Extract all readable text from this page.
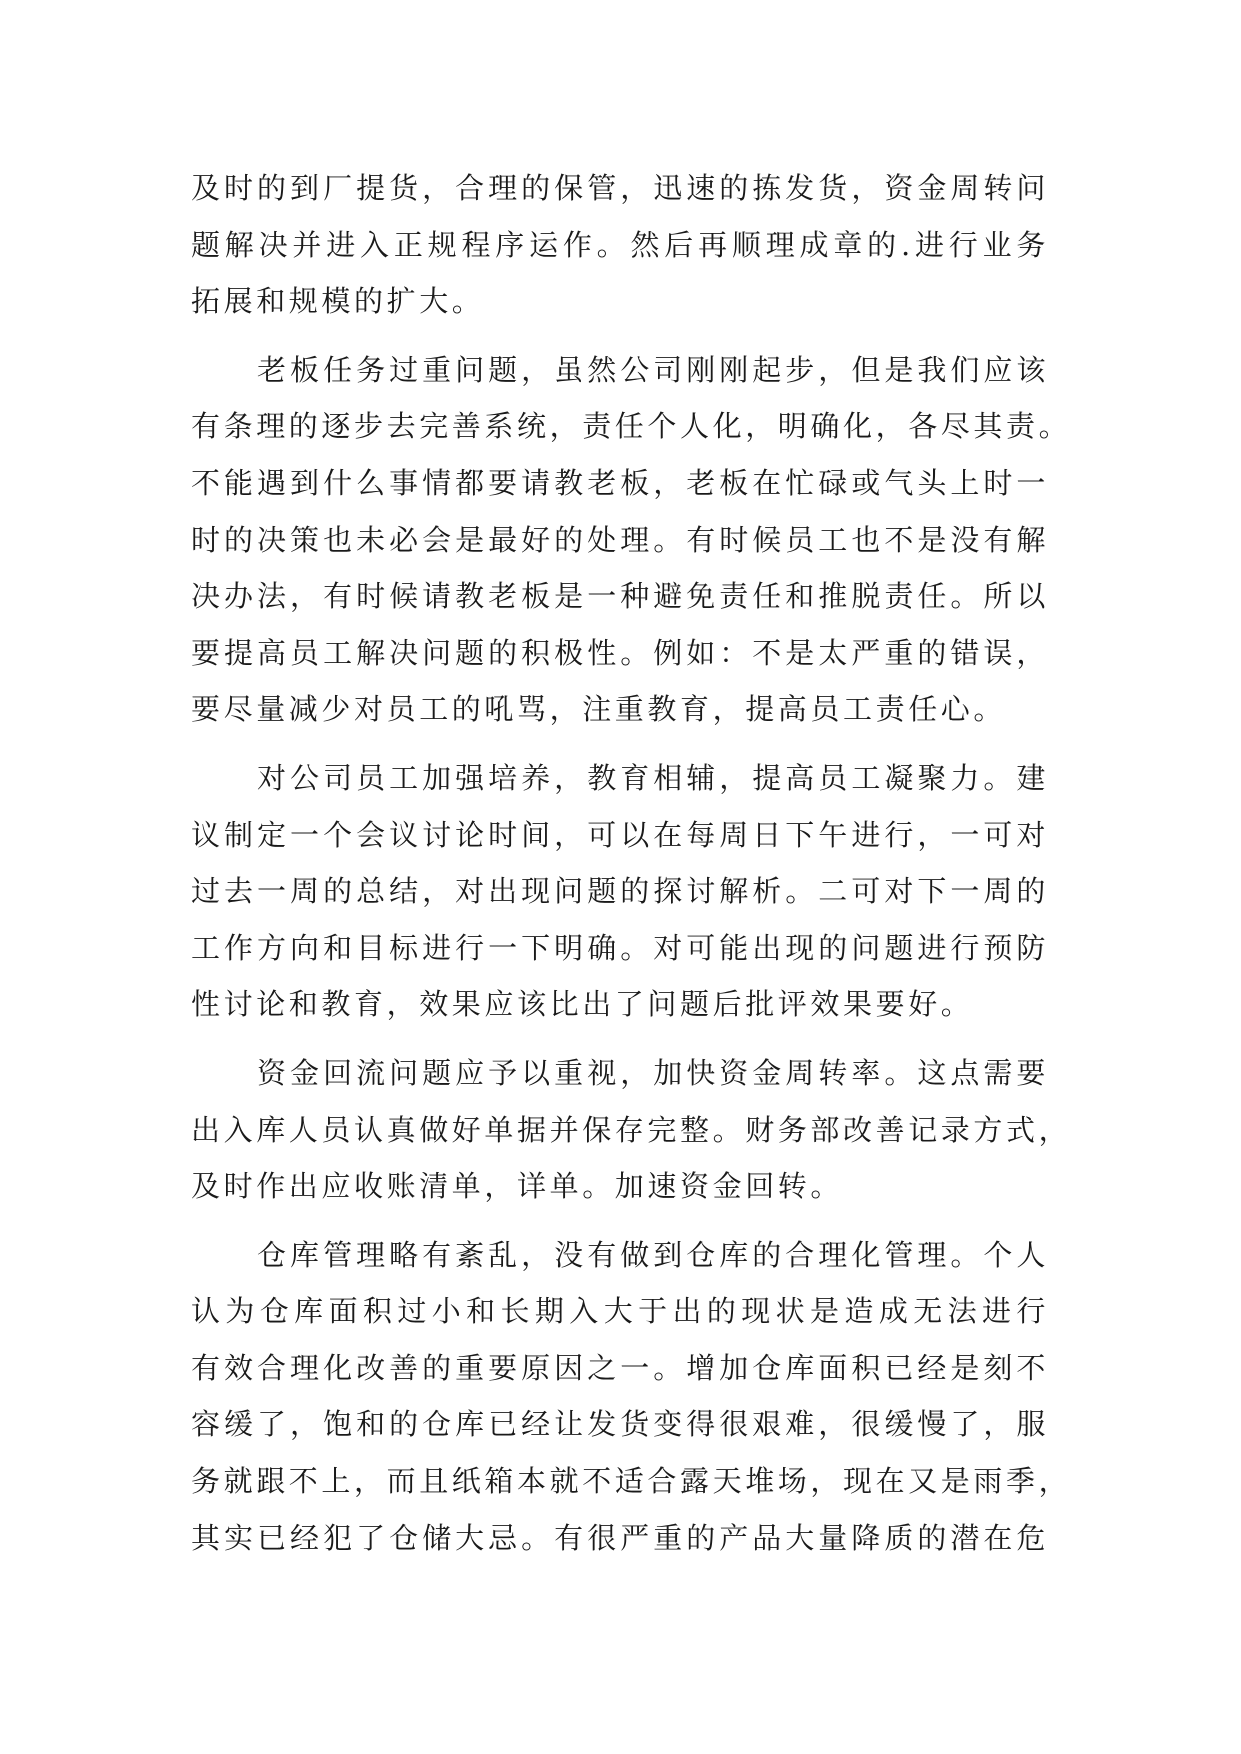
及时的到厂提货，合理的保管，迅速的拣发货，资金周转问
题解决并进入正规程序运作。然后再顺理成章的.进行业务
拓展和规模的扩大。
　　老板任务过重问题，虽然公司刚刚起步，但是我们应该
有条理的逐步去完善系统，责任个人化，明确化，各尽其责。
不能遇到什么事情都要请教老板，老板在忙碌或气头上时一
时的决策也未必会是最好的处理。有时候员工也不是没有解
决办法，有时候请教老板是一种避免责任和推脱责任。所以
要提高员工解决问题的积极性。例如：不是太严重的错误，
要尽量减少对员工的吼骂，注重教育，提高员工责任心。
　　对公司员工加强培养，教育相辅，提高员工凝聚力。建
议制定一个会议讨论时间，可以在每周日下午进行，一可对
过去一周的总结，对出现问题的探讨解析。二可对下一周的
工作方向和目标进行一下明确。对可能出现的问题进行预防
性讨论和教育，效果应该比出了问题后批评效果要好。
　　资金回流问题应予以重视，加快资金周转率。这点需要
出入库人员认真做好单据并保存完整。财务部改善记录方式，
及时作出应收账清单，详单。加速资金回转。
　　仓库管理略有紊乱，没有做到仓库的合理化管理。个人
认为仓库面积过小和长期入大于出的现状是造成无法进行
有效合理化改善的重要原因之一。增加仓库面积已经是刻不
容缓了，饱和的仓库已经让发货变得很艰难，很缓慢了，服
务就跟不上，而且纸箱本就不适合露天堆场，现在又是雨季，
其实已经犯了仓储大忌。有很严重的产品大量降质的潜在危
